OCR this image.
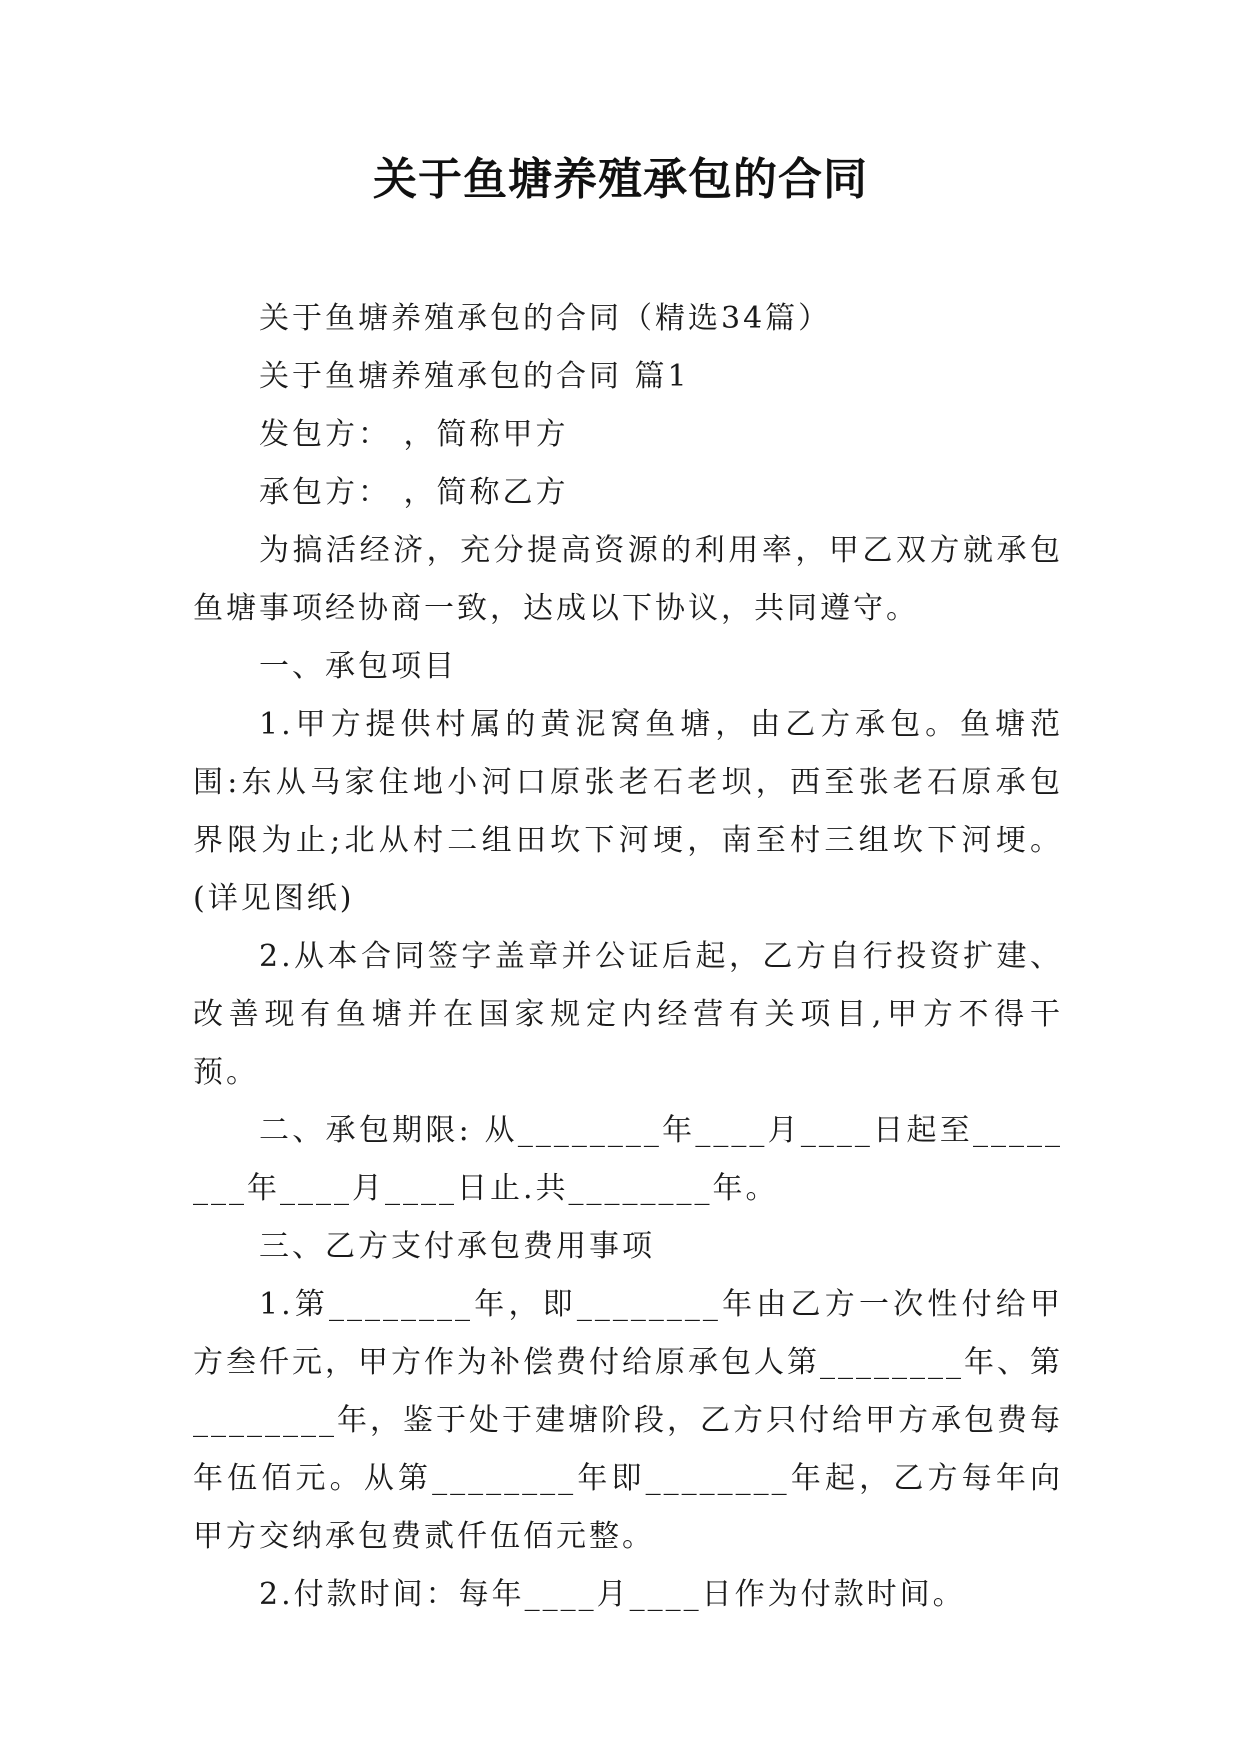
关于鱼塘养殖承包的合同

关于鱼塘养殖承包的合同（精选34篇）

关于鱼塘养殖承包的合同 篇1

发包方： ，简称甲方

承包方： ，简称乙方

为搞活经济，充分提高资源的利用率，甲乙双方就承包鱼塘事项经协商一致，达成以下协议，共同遵守。

一、承包项目

1.甲方提供村属的黄泥窝鱼塘，由乙方承包。鱼塘范围:东从马家住地小河口原张老石老坝，西至张老石原承包界限为止;北从村二组田坎下河埂，南至村三组坎下河埂。(详见图纸)

2.从本合同签字盖章并公证后起，乙方自行投资扩建、改善现有鱼塘并在国家规定内经营有关项目,甲方不得干预。

二、承包期限: 从________年____月____日起至________年____月____日止.共________年。

三、乙方支付承包费用事项

1.第________年，即________年由乙方一次性付给甲方叁仟元，甲方作为补偿费付给原承包人第________年、第________年，鉴于处于建塘阶段，乙方只付给甲方承包费每年伍佰元。从第________年即________年起，乙方每年向甲方交纳承包费贰仟伍佰元整。

2.付款时间：每年____月____日作为付款时间。
